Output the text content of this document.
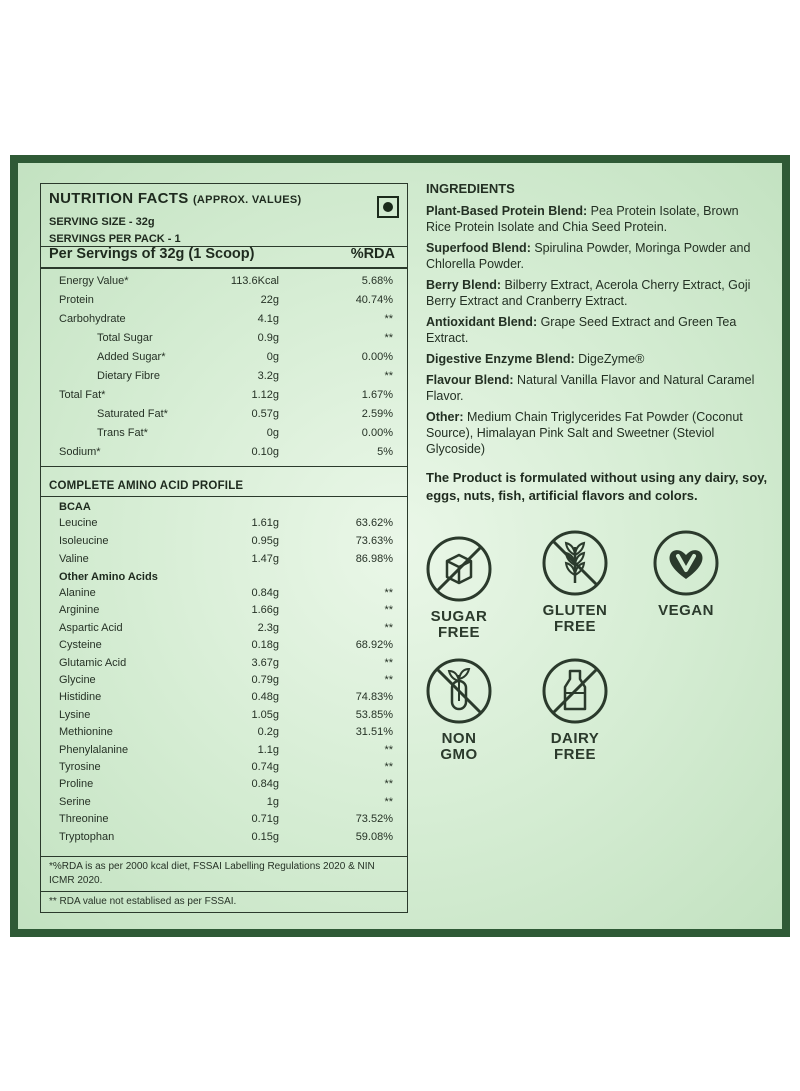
NUTRITION FACTS (APPROX. VALUES)
SERVING SIZE - 32g
SERVINGS PER PACK - 1
Per Servings of 32g (1 Scoop)	%RDA
Energy Value*	113.6Kcal	5.68%
Protein	22g	40.74%
Carbohydrate	4.1g	**
Total Sugar	0.9g	**
Added Sugar*	0g	0.00%
Dietary Fibre	3.2g	**
Total Fat*	1.12g	1.67%
Saturated Fat*	0.57g	2.59%
Trans Fat*	0g	0.00%
Sodium*	0.10g	5%
COMPLETE AMINO ACID PROFILE
BCAA
Leucine	1.61g	63.62%
Isoleucine	0.95g	73.63%
Valine	1.47g	86.98%
Other Amino Acids
Alanine	0.84g	**
Arginine	1.66g	**
Aspartic Acid	2.3g	**
Cysteine	0.18g	68.92%
Glutamic Acid	3.67g	**
Glycine	0.79g	**
Histidine	0.48g	74.83%
Lysine	1.05g	53.85%
Methionine	0.2g	31.51%
Phenylalanine	1.1g	**
Tyrosine	0.74g	**
Proline	0.84g	**
Serine	1g	**
Threonine	0.71g	73.52%
Tryptophan	0.15g	59.08%
*%RDA is as per 2000 kcal diet, FSSAI Labelling Regulations 2020 & NIN ICMR 2020.
** RDA value not establised as per FSSAI.
INGREDIENTS
Plant-Based Protein Blend: Pea Protein Isolate, Brown Rice Protein Isolate and Chia Seed Protein.
Superfood Blend: Spirulina Powder, Moringa Powder and Chlorella Powder.
Berry Blend: Bilberry Extract, Acerola Cherry Extract, Goji Berry Extract and Cranberry Extract.
Antioxidant Blend: Grape Seed Extract and Green Tea Extract.
Digestive Enzyme Blend: DigeZyme®
Flavour Blend: Natural Vanilla Flavor and Natural Caramel Flavor.
Other: Medium Chain Triglycerides Fat Powder (Coconut Source), Himalayan Pink Salt and Sweetner (Steviol Glycoside)
The Product is formulated without using any dairy, soy, eggs, nuts, fish, artificial flavors and colors.
SUGAR
FREE
GLUTEN
FREE
VEGAN
NON
GMO
DAIRY
FREE
